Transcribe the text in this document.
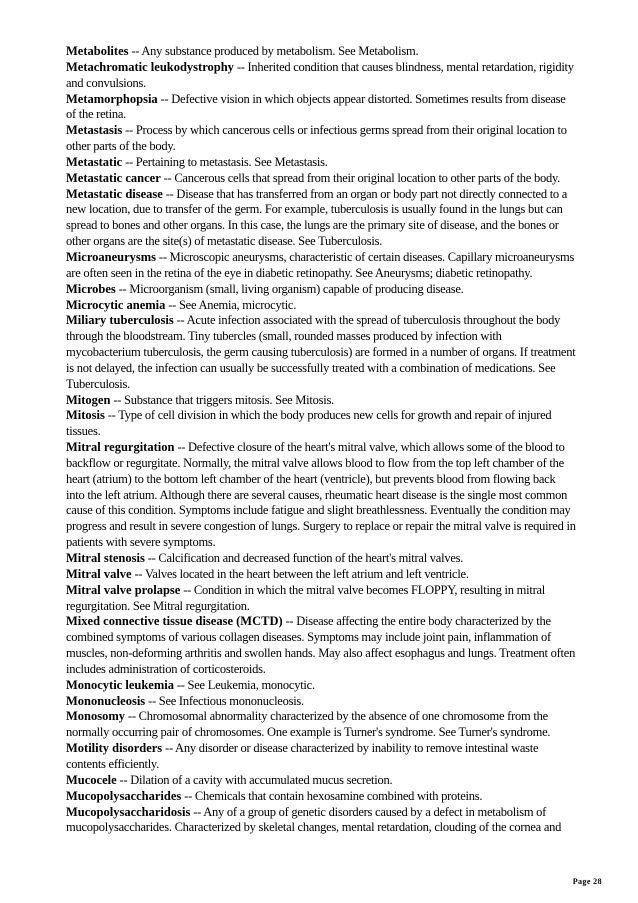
Metabolites -- Any substance produced by metabolism. See Metabolism.

Metachromatic leukodystrophy -- Inherited condition that causes blindness, mental retardation, rigidity and convulsions.

Metamorphopsia -- Defective vision in which objects appear distorted. Sometimes results from disease of the retina.

Metastasis -- Process by which cancerous cells or infectious germs spread from their original location to other parts of the body.

Metastatic -- Pertaining to metastasis. See Metastasis.

Metastatic cancer -- Cancerous cells that spread from their original location to other parts of the body.

Metastatic disease -- Disease that has transferred from an organ or body part not directly connected to a new location, due to transfer of the germ. For example, tuberculosis is usually found in the lungs but can spread to bones and other organs. In this case, the lungs are the primary site of disease, and the bones or other organs are the site(s) of metastatic disease. See Tuberculosis.

Microaneurysms -- Microscopic aneurysms, characteristic of certain diseases. Capillary microaneurysms are often seen in the retina of the eye in diabetic retinopathy. See Aneurysms; diabetic retinopathy.

Microbes -- Microorganism (small, living organism) capable of producing disease.

Microcytic anemia -- See Anemia, microcytic.

Miliary tuberculosis -- Acute infection associated with the spread of tuberculosis throughout the body through the bloodstream. Tiny tubercles (small, rounded masses produced by infection with mycobacterium tuberculosis, the germ causing tuberculosis) are formed in a number of organs. If treatment is not delayed, the infection can usually be successfully treated with a combination of medications. See Tuberculosis.

Mitogen -- Substance that triggers mitosis. See Mitosis.

Mitosis -- Type of cell division in which the body produces new cells for growth and repair of injured tissues.

Mitral regurgitation -- Defective closure of the heart's mitral valve, which allows some of the blood to backflow or regurgitate. Normally, the mitral valve allows blood to flow from the top left chamber of the heart (atrium) to the bottom left chamber of the heart (ventricle), but prevents blood from flowing back into the left atrium. Although there are several causes, rheumatic heart disease is the single most common cause of this condition. Symptoms include fatigue and slight breathlessness. Eventually the condition may progress and result in severe congestion of lungs. Surgery to replace or repair the mitral valve is required in patients with severe symptoms.

Mitral stenosis -- Calcification and decreased function of the heart's mitral valves.

Mitral valve -- Valves located in the heart between the left atrium and left ventricle.

Mitral valve prolapse -- Condition in which the mitral valve becomes FLOPPY, resulting in mitral regurgitation. See Mitral regurgitation.

Mixed connective tissue disease (MCTD) -- Disease affecting the entire body characterized by the combined symptoms of various collagen diseases. Symptoms may include joint pain, inflammation of muscles, non-deforming arthritis and swollen hands. May also affect esophagus and lungs. Treatment often includes administration of corticosteroids.

Monocytic leukemia -- See Leukemia, monocytic.

Mononucleosis -- See Infectious mononucleosis.

Monosomy -- Chromosomal abnormality characterized by the absence of one chromosome from the normally occurring pair of chromosomes. One example is Turner's syndrome. See Turner's syndrome.

Motility disorders -- Any disorder or disease characterized by inability to remove intestinal waste contents efficiently.

Mucocele -- Dilation of a cavity with accumulated mucus secretion.

Mucopolysaccharides -- Chemicals that contain hexosamine combined with proteins.

Mucopolysaccharidosis -- Any of a group of genetic disorders caused by a defect in metabolism of mucopolysaccharides. Characterized by skeletal changes, mental retardation, clouding of the cornea and

Page 28
